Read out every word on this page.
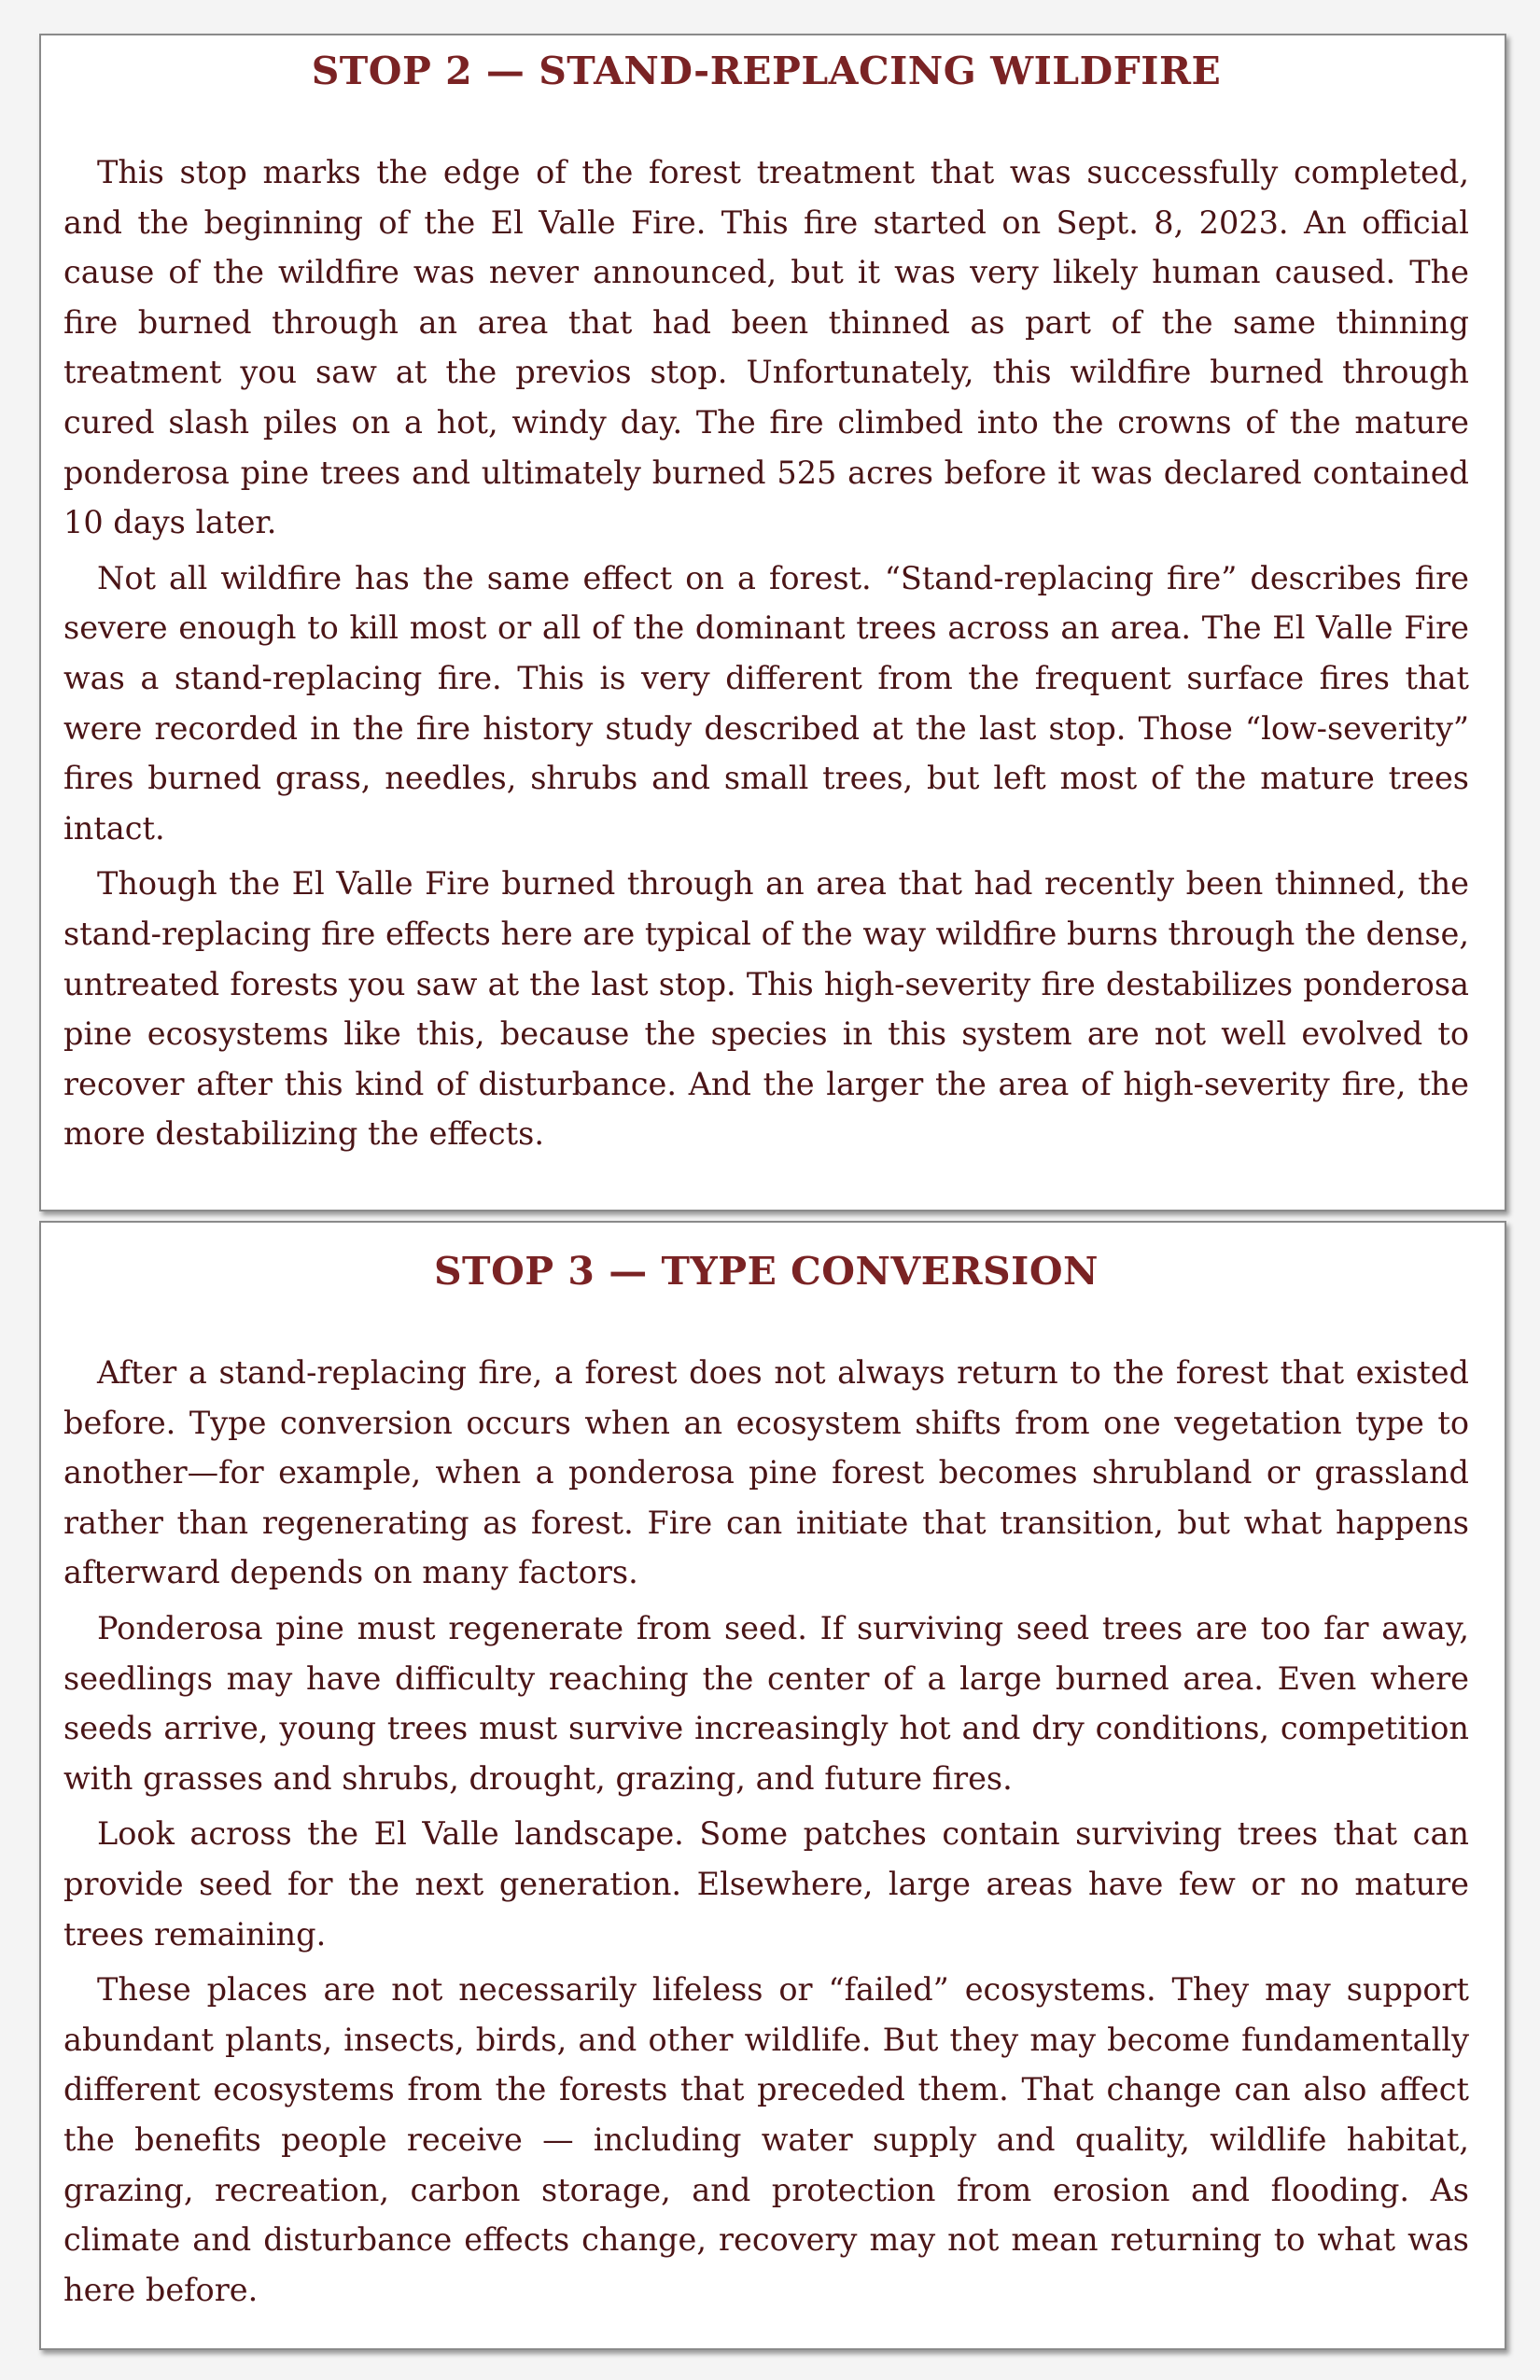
STOP 2 — STAND-REPLACING WILDFIRE

This stop marks the edge of the forest treatment that was successfully completed, and the beginning of the El Valle Fire. This fire started on Sept. 8, 2023. An official cause of the wildfire was never announced, but it was very likely human caused. The fire burned through an area that had been thinned as part of the same thinning treatment you saw at the previos stop. Unfortunately, this wildfire burned through cured slash piles on a hot, windy day. The fire climbed into the crowns of the mature ponderosa pine trees and ultimately burned 525 acres before it was declared contained 10 days later.

Not all wildfire has the same effect on a forest. “Stand-replacing fire” describes fire severe enough to kill most or all of the dominant trees across an area. The El Valle Fire was a stand-replacing fire. This is very different from the frequent surface fires that were recorded in the fire history study described at the last stop. Those “low-severity” fires burned grass, needles, shrubs and small trees, but left most of the mature trees intact.

Though the El Valle Fire burned through an area that had recently been thinned, the stand-replacing fire effects here are typical of the way wildfire burns through the dense, untreated forests you saw at the last stop. This high-severity fire destabilizes ponderosa pine ecosystems like this, because the species in this system are not well evolved to recover after this kind of disturbance. And the larger the area of high-severity fire, the more destabilizing the effects.

STOP 3 — TYPE CONVERSION

After a stand-replacing fire, a forest does not always return to the forest that existed before. Type conversion occurs when an ecosystem shifts from one vegetation type to another—for example, when a ponderosa pine forest becomes shrubland or grassland rather than regenerating as forest. Fire can initiate that transition, but what happens afterward depends on many factors.

Ponderosa pine must regenerate from seed. If surviving seed trees are too far away, seedlings may have difficulty reaching the center of a large burned area. Even where seeds arrive, young trees must survive increasingly hot and dry conditions, competition with grasses and shrubs, drought, grazing, and future fires.

Look across the El Valle landscape. Some patches contain surviving trees that can provide seed for the next generation. Elsewhere, large areas have few or no mature trees remaining.

These places are not necessarily lifeless or “failed” ecosystems. They may support abundant plants, insects, birds, and other wildlife. But they may become fundamentally different ecosystems from the forests that preceded them. That change can also affect the benefits people receive — including water supply and quality, wildlife habitat, grazing, recreation, carbon storage, and protection from erosion and flooding. As climate and disturbance effects change, recovery may not mean returning to what was here before.
